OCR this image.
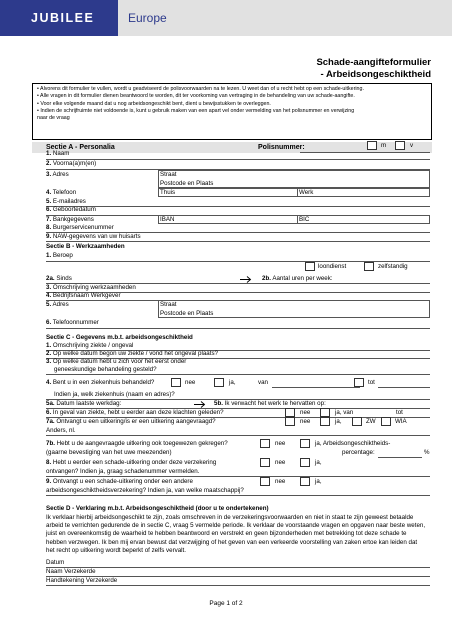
JUBILEE	Europe
Schade-aangifteformulier
- Arbeidsongeschiktheid
• Alvorens dit formulier te vullen, wordt u geadviseerd de polisvoorwaarden na te lezen. U weet dan of u recht hebt op een schade-uitkering.
• Alle vragen in dit formulier dienen beantwoord te worden, dit ter voorkoming van vertraging in de behandeling van uw schade-aangifte.
• Voor elke volgende maand dat u nog arbeidsongeschikt bent, dient u bewijsstukken te overleggen.
• Indien de schrijfruimte niet voldoende is, kunt u gebruik maken van een apart vel onder vermelding van het polisnummer en verwijzing
naar de vraag
Sectie A - Personalia	Polisnummer:	m	v
1. Naam
2. Voorna(a)m(en)
3. Adres	Straat
Postcode en Plaats
4. Telefoon	Thuis	Werk
5. E-mailadres
6. Geboortedatum
7. Bankgegevens	IBAN	BIC
8. Burgerservicenummer
9. NAW-gegevens van uw huisarts
Sectie B - Werkzaamheden
1. Beroep
loondienst	zelfstandig
2a. Sinds	2b. Aantal uren per week:
3. Omschrijving werkzaamheden
4. Bedrijfsnaam Werkgever
5. Adres	Straat
Postcode en Plaats
6. Telefoonnummer
Sectie C - Gegevens m.b.t. arbeidsongeschiktheid
1. Omschrijving ziekte / ongeval
2. Op welke datum begon uw ziekte / vond het ongeval plaats?
3. Op welke datum hebt u zich voor het eerst onder
geneeskundige behandeling gesteld?
4. Bent u in een ziekenhuis behandeld?	nee	ja,	van	tot
Indien ja, welk ziekenhuis (naam en adres)?
5a. Datum laatste werkdag:	5b. Ik verwacht het werk te hervatten op:
6. In geval van ziekte, hebt u eerder aan deze klachten geleden?	nee	ja, van	tot
7a. Ontvangt u een uitkering/is er een uitkering aangevraagd?	nee	ja,	ZW	WIA
Anders, nl.
7b. Hebt u de aangevraagde uitkering ook toegewezen gekregen?	nee	ja, Arbeidsongeschiktheids-
(gaarne bevestiging van het uwe meezenden)	percentage:	%
8. Hebt u eerder een schade-uitkering onder deze verzekering	nee	ja,
ontvangen? Indien ja, graag schadenummer vermelden.
9. Ontvangt u een schade-uitkering onder een andere	nee	ja,
arbeidsongeschiktheidsverzekering? Indien ja, van welke maatschappij?
Sectie D - Verklaring m.b.t. Arbeidsongeschiktheid (door u te ondertekenen)
Ik verklaar hierbij arbeidsongeschikt te zijn, zoals omschreven in de verzekeringsvoorwaarden en niet in staat te zijn geweest betaalde arbeid te verrichten gedurende de in sectie C, vraag 5 vermelde periode. Ik verklaar de voorstaande vragen en opgaven naar beste weten, juist en overeenkomstig de waarheid te hebben beantwoord en verstrekt en geen bijzonderheden met betrekking tot deze schade te hebben verzwegen. Ik ben mij ervan bewust dat verzwijging of het geven van een verkeerde voorstelling van zaken ertoe kan leiden dat het recht op uitkering wordt beperkt of zelfs vervalt.
Datum
Naam Verzekerde
Handtekening Verzekerde
Page 1 of 2
